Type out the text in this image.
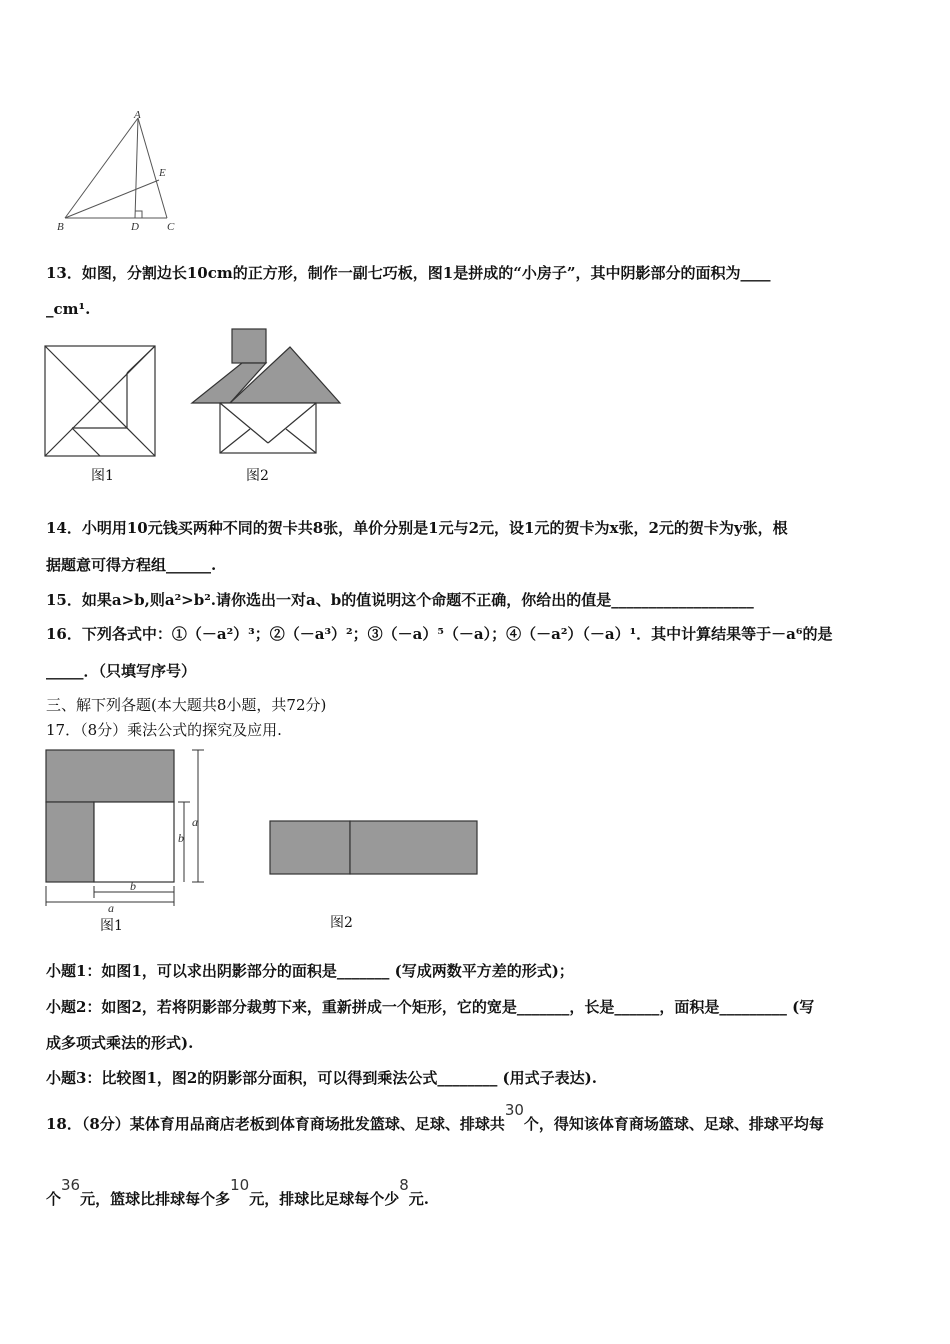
A
E
B	D	C
13．如图，分割边长10cm的正方形，制作一副七巧板，图1是拼成的“小房子”，其中阴影部分的面积为____
_cm¹.
图1	图2
14．小明用10元钱买两种不同的贺卡共8张，单价分别是1元与2元，设1元的贺卡为x张，2元的贺卡为y张，根
据题意可得方程组______.
15．如果a>b,则a²>b².请你选出一对a、b的值说明这个命题不正确，你给出的值是___________________
16．下列各式中：①（－a²）³；②（－a³）²；③（－a）⁵（－a）；④（－a²）（－a）¹．其中计算结果等于－a⁶的是
_____．（只填写序号）
三、解下列各题(本大题共8小题，共72分)
17．（8分）乘法公式的探究及应用.
a
b
b
a
图1	图2
小题1：如图1，可以求出阴影部分的面积是_______ (写成两数平方差的形式)；
小题2：如图2，若将阴影部分裁剪下来，重新拼成一个矩形，它的宽是_______，长是______，面积是_________ (写
成多项式乘法的形式).
小题3：比较图1，图2的阴影部分面积，可以得到乘法公式________ (用式子表达).
18．（8分）某体育用品商店老板到体育商场批发篮球、足球、排球共30个，得知该体育商场篮球、足球、排球平均每
个36元，篮球比排球每个多10元，排球比足球每个少8元.
